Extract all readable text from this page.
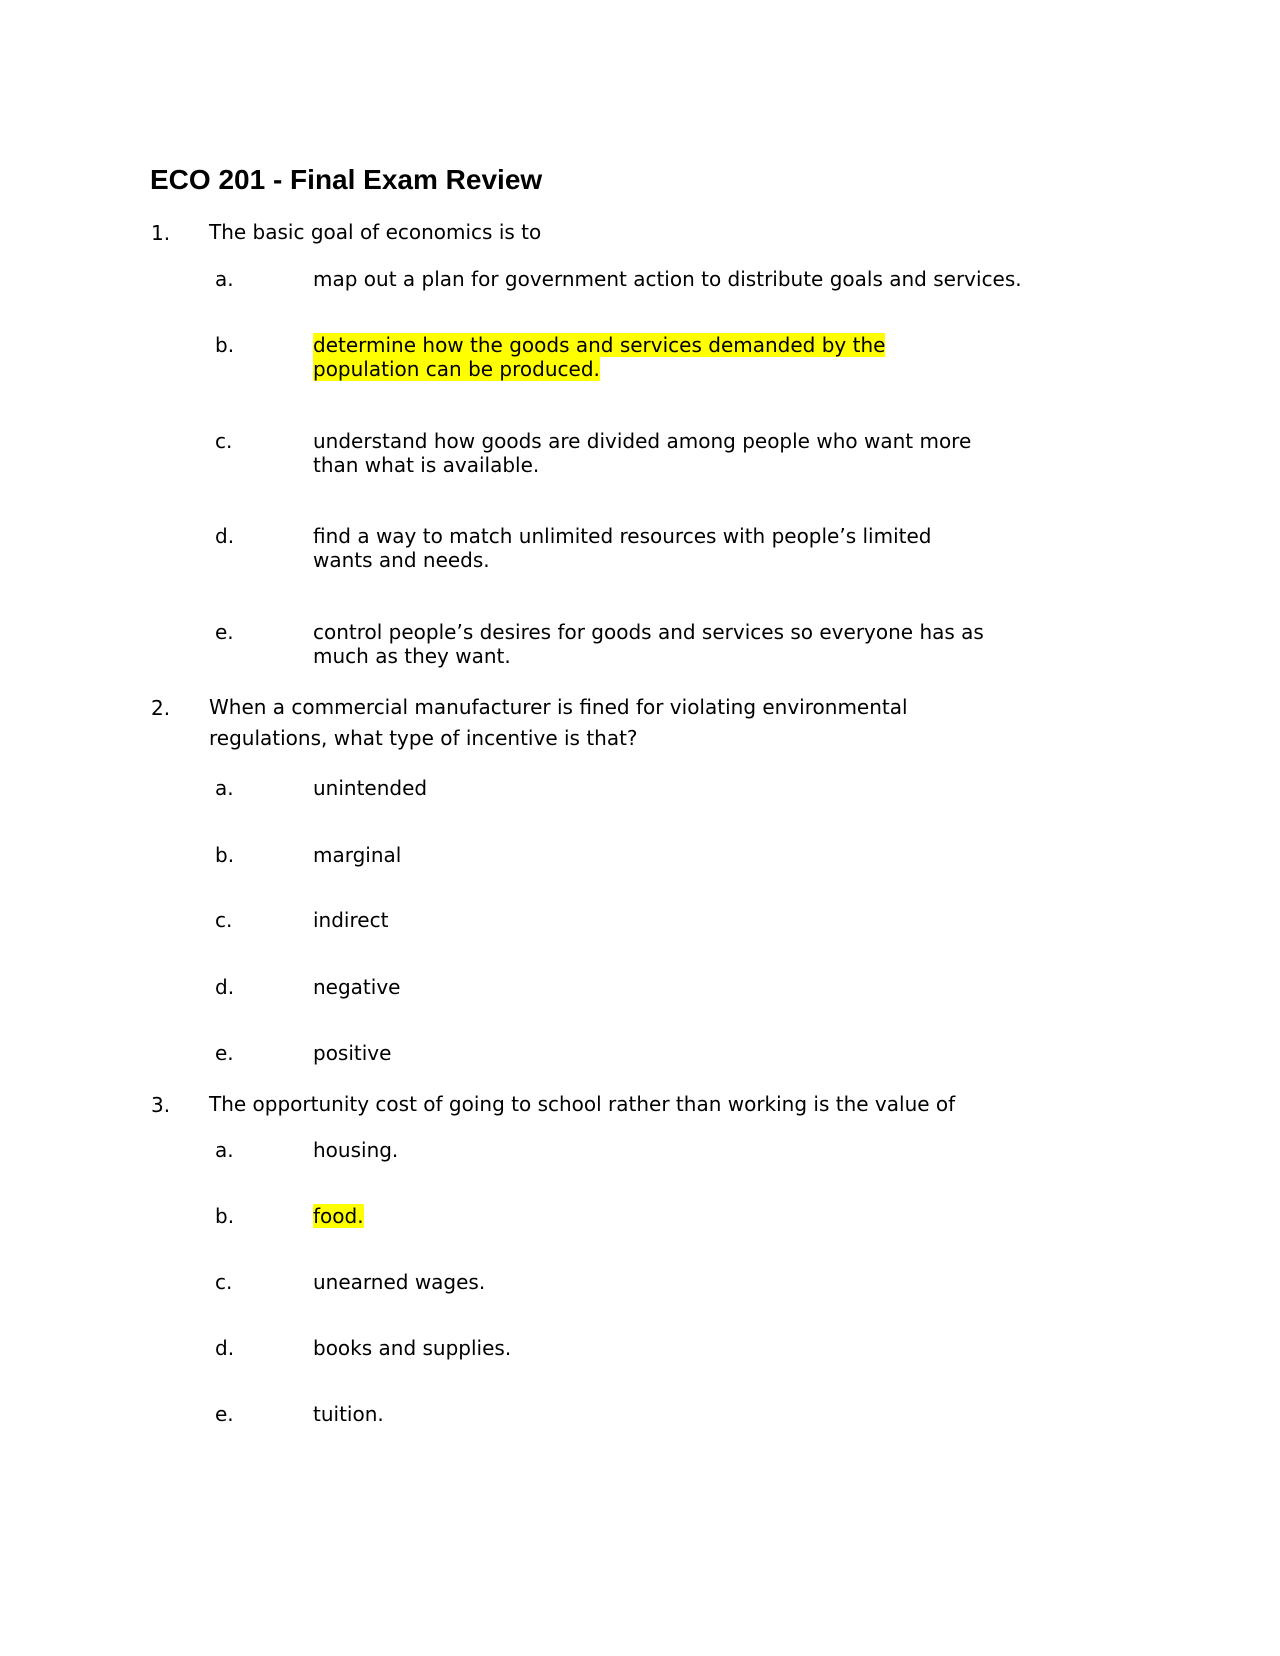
ECO 201 - Final Exam Review
1. The basic goal of economics is to
a.	map out a plan for government action to distribute goals and services.
b.	determine how the goods and services demanded by the
population can be produced.
c.	understand how goods are divided among people who want more
than what is available.
d.	find a way to match unlimited resources with people’s limited
wants and needs.
e.	control people’s desires for goods and services so everyone has as
much as they want.
2. When a commercial manufacturer is fined for violating environmental
regulations, what type of incentive is that?
a.	unintended
b.	marginal
c.	indirect
d.	negative
e.	positive
3. The opportunity cost of going to school rather than working is the value of
a.	housing.
b.	food.
c.	unearned wages.
d.	books and supplies.
e.	tuition.
